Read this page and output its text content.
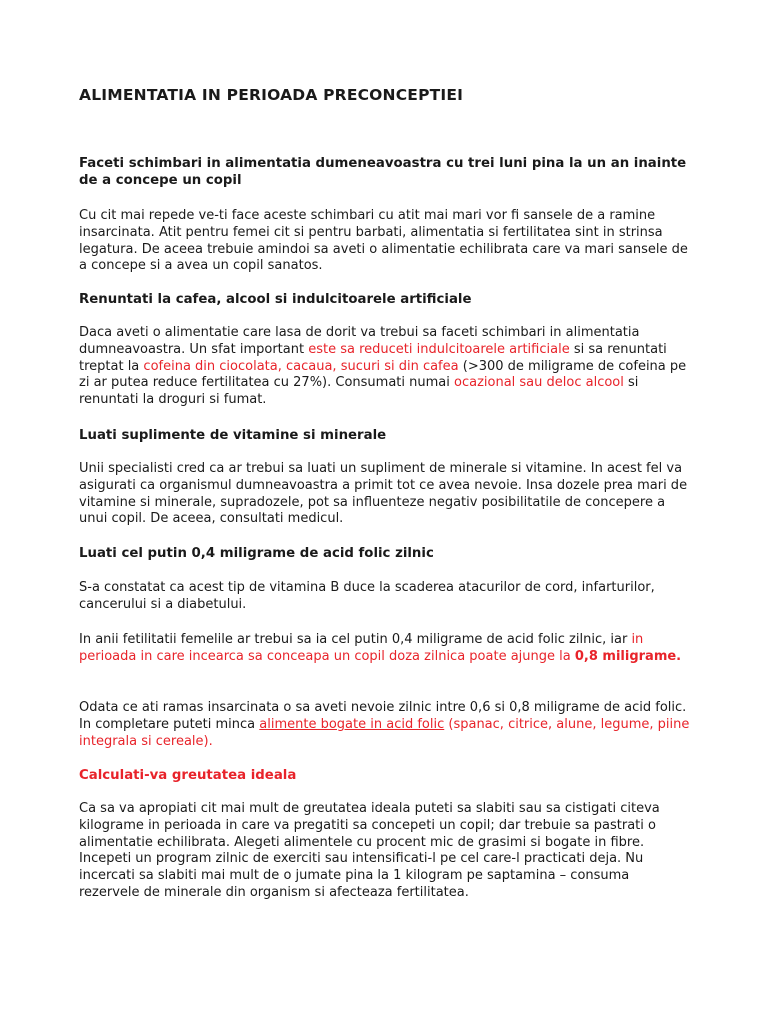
ALIMENTATIA IN PERIOADA PRECONCEPTIEI
Faceti schimbari in alimentatia dumeneavoastra cu trei luni pina la un an inainte de a concepe un copil

Cu cit mai repede ve-ti face aceste schimbari cu atit mai mari vor fi sansele de a ramine insarcinata. Atit pentru femei cit si pentru barbati, alimentatia si fertilitatea sint in strinsa legatura. De aceea trebuie amindoi sa aveti o alimentatie echilibrata care va mari sansele de a concepe si a avea un copil sanatos.

Renuntati la cafea, alcool si indulcitoarele artificiale

Daca aveti o alimentatie care lasa de dorit va trebui sa faceti schimbari in alimentatia dumneavoastra. Un sfat important este sa reduceti indulcitoarele artificiale si sa renuntati treptat la cofeina din ciocolata, cacaua, sucuri si din cafea (>300 de miligrame de cofeina pe zi ar putea reduce fertilitatea cu 27%). Consumati numai ocazional sau deloc alcool si renuntati la droguri si fumat.

Luati suplimente de vitamine si minerale

Unii specialisti cred ca ar trebui sa luati un supliment de minerale si vitamine. In acest fel va asigurati ca organismul dumneavoastra a primit tot ce avea nevoie. Insa dozele prea mari de vitamine si minerale, supradozele, pot sa influenteze negativ posibilitatile de concepere a unui copil. De aceea, consultati medicul.

Luati cel putin 0,4 miligrame de acid folic zilnic

S-a constatat ca acest tip de vitamina B duce la scaderea atacurilor de cord, infarturilor, cancerului si a diabetului.

In anii fetilitatii femelile ar trebui sa ia cel putin 0,4 miligrame de acid folic zilnic, iar in perioada in care incearca sa conceapa un copil doza zilnica poate ajunge la 0,8 miligrame.

Odata ce ati ramas insarcinata o sa aveti nevoie zilnic intre 0,6 si 0,8 miligrame de acid folic. In completare puteti minca alimente bogate in acid folic (spanac, citrice, alune, legume, piine integrala si cereale).

Calculati-va greutatea ideala

Ca sa va apropiati cit mai mult de greutatea ideala puteti sa slabiti sau sa cistigati citeva kilograme in perioada in care va pregatiti sa concepeti un copil; dar trebuie sa pastrati o alimentatie echilibrata. Alegeti alimentele cu procent mic de grasimi si bogate in fibre. Incepeti un program zilnic de exerciti sau intensificati-l pe cel care-l practicati deja. Nu incercati sa slabiti mai mult de o jumate pina la 1 kilogram pe saptamina – consuma rezervele de minerale din organism si afecteaza fertilitatea.
